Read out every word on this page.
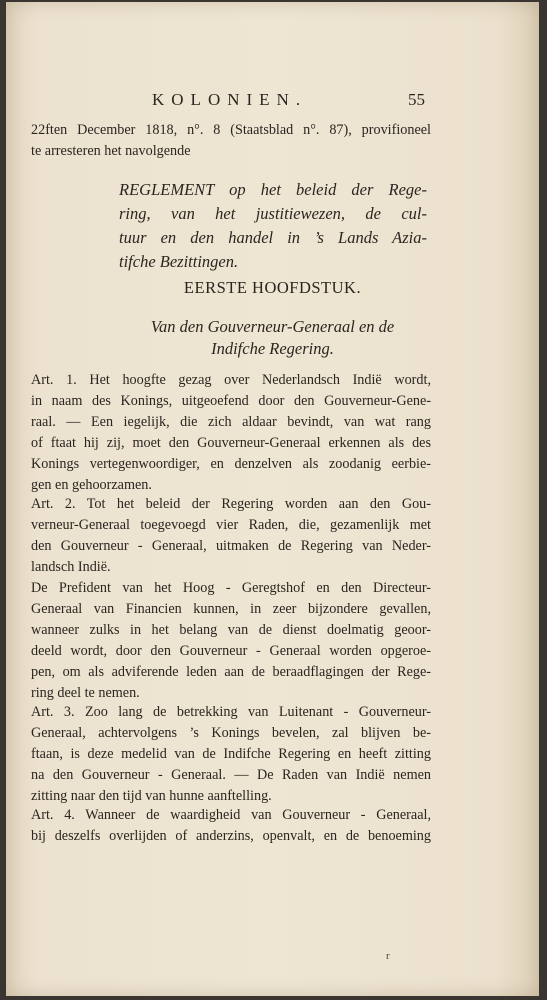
KOLONIEN.	55
22ften December 1818, n°. 8 (Staatsblad n°. 87), provifioneel
te arresteren het navolgende
REGLEMENT op het beleid der Rege-
ring, van het justitiewezen, de cul-
tuur en den handel in ’s Lands Azia-
tifche Bezittingen.
EERSTE HOOFDSTUK.
Van den Gouverneur-Generaal en de
Indifche Regering.
Art. 1. Het hoogfte gezag over Nederlandsch Indië wordt,
in naam des Konings, uitgeoefend door den Gouverneur-Gene-
raal. — Een iegelijk, die zich aldaar bevindt, van wat rang
of ftaat hij zij, moet den Gouverneur-Generaal erkennen als des
Konings vertegenwoordiger, en denzelven als zoodanig eerbie-
gen en gehoorzamen.
Art. 2. Tot het beleid der Regering worden aan den Gou-
verneur-Generaal toegevoegd vier Raden, die, gezamenlijk met
den Gouverneur - Generaal, uitmaken de Regering van Neder-
landsch Indië.
De Prefident van het Hoog - Geregtshof en den Directeur-
Generaal van Financien kunnen, in zeer bijzondere gevallen,
wanneer zulks in het belang van de dienst doelmatig geoor-
deeld wordt, door den Gouverneur - Generaal worden opgeroe-
pen, om als adviferende leden aan de beraadflagingen der Rege-
ring deel te nemen.
Art. 3. Zoo lang de betrekking van Luitenant - Gouverneur-
Generaal, achtervolgens ’s Konings bevelen, zal blijven be-
ftaan, is deze medelid van de Indifche Regering en heeft zitting
na den Gouverneur - Generaal. — De Raden van Indië nemen
zitting naar den tijd van hunne aanftelling.
Art. 4. Wanneer de waardigheid van Gouverneur - Generaal,
bij deszelfs overlijden of anderzins, openvalt, en de benoeming
r
